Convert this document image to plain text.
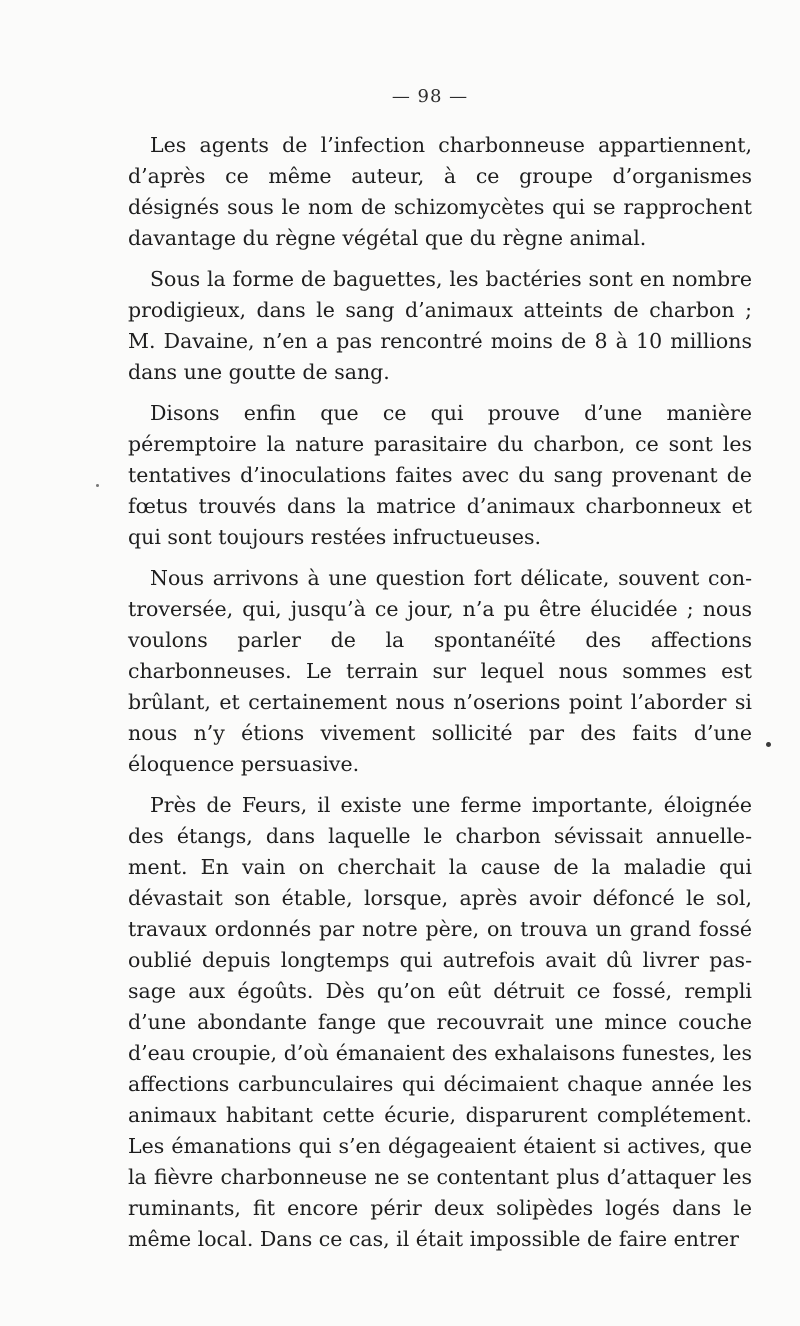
— 98 —

Les agents de l’infection charbonneuse appartiennent, d’après ce même auteur, à ce groupe d’organismes désignés sous le nom de schizomycètes qui se rapprochent davantage du règne végétal que du règne animal.

Sous la forme de baguettes, les bactéries sont en nombre prodigieux, dans le sang d’animaux atteints de charbon ; M. Davaine, n’en a pas rencontré moins de 8 à 10 millions dans une goutte de sang.

Disons enfin que ce qui prouve d’une manière péremptoire la nature parasitaire du charbon, ce sont les tentatives d’inoculations faites avec du sang provenant de fœtus trouvés dans la matrice d’animaux charbonneux et qui sont toujours restées infructueuses.

Nous arrivons à une question fort délicate, souvent controversée, qui, jusqu’à ce jour, n’a pu être élucidée ; nous voulons parler de la spontanéïté des affections charbonneuses. Le terrain sur lequel nous sommes est brûlant, et certainement nous n’oserions point l’aborder si nous n’y étions vivement sollicité par des faits d’une éloquence persuasive.

Près de Feurs, il existe une ferme importante, éloignée des étangs, dans laquelle le charbon sévissait annuellement. En vain on cherchait la cause de la maladie qui dévastait son étable, lorsque, après avoir défoncé le sol, travaux ordonnés par notre père, on trouva un grand fossé oublié depuis longtemps qui autrefois avait dû livrer passage aux égoûts. Dès qu’on eût détruit ce fossé, rempli d’une abondante fange que recouvrait une mince couche d’eau croupie, d’où émanaient des exhalaisons funestes, les affections carbunculaires qui décimaient chaque année les animaux habitant cette écurie, disparurent complétement. Les émanations qui s’en dégageaient étaient si actives, que la fièvre charbonneuse ne se contentant plus d’attaquer les ruminants, fit encore périr deux solipèdes logés dans le même local. Dans ce cas, il était impossible de faire entrer
